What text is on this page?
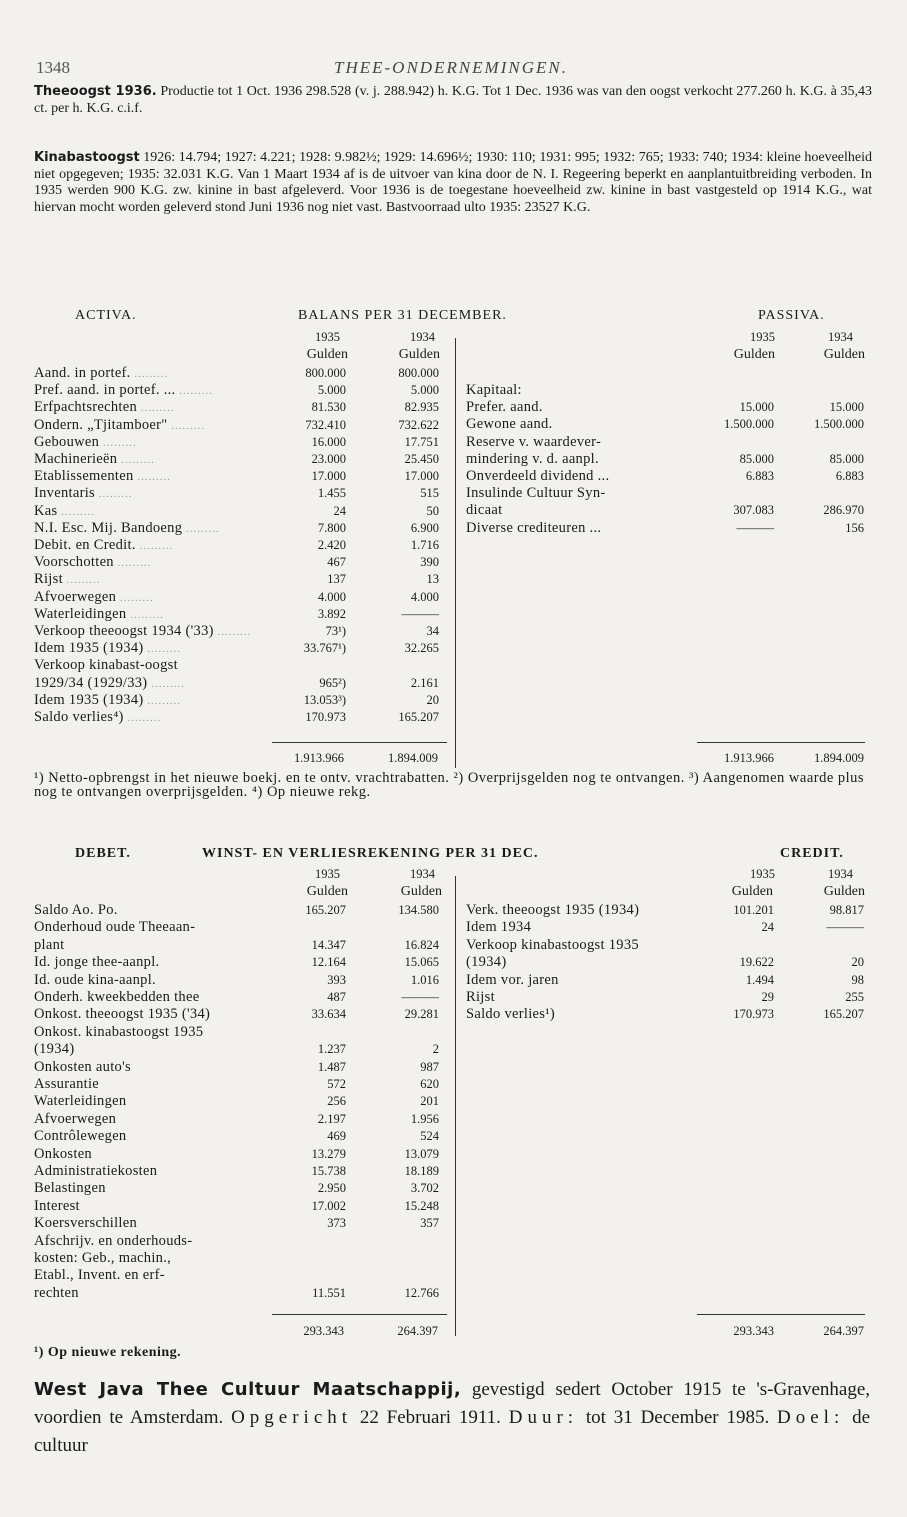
1348	THEE-ONDERNEMINGEN.

Theeoogst 1936. Productie tot 1 Oct. 1936 298.528 (v. j. 288.942) h. K.G. Tot 1 Dec. 1936 was van den oogst verkocht 277.260 h. K.G. à 35,43 ct. per h. K.G. c.i.f.

Kinabastoogst 1926: 14.794; 1927: 4.221; 1928: 9.982½; 1929: 14.696½; 1930: 110; 1931: 995; 1932: 765; 1933: 740; 1934: kleine hoeveelheid niet opgegeven; 1935: 32.031 K.G. Van 1 Maart 1934 af is de uitvoer van kina door de N. I. Regeering beperkt en aanplantuitbreiding verboden. In 1935 werden 900 K.G. zw. kinine in bast afgeleverd. Voor 1936 is de toegestane hoeveelheid zw. kinine in bast vastgesteld op 1914 K.G., wat hiervan mocht worden geleverd stond Juni 1936 nog niet vast. Bastvoorraad ulto 1935: 23527 K.G.

ACTIVA.	BALANS PER 31 DECEMBER.	PASSIVA.
1935	1934
Gulden	Gulden
1935	1934
Gulden	Gulden
Aand. in portef. .........	800.000	800.000
Pref. aand. in portef. ... .........	5.000	5.000
Erfpachtsrechten .........	81.530	82.935
Ondern. „Tjitamboer" .........	732.410	732.622
Gebouwen .........	16.000	17.751
Machinerieën .........	23.000	25.450
Etablissementen .........	17.000	17.000
Inventaris .........	1.455	515
Kas .........	24	50
N.I. Esc. Mij. Bandoeng .........	7.800	6.900
Debit. en Credit. .........	2.420	1.716
Voorschotten .........	467	390
Rijst .........	137	13
Afvoerwegen .........	4.000	4.000
Waterleidingen .........	3.892	———
Verkoop theeoogst 1934 ('33) .........	73¹)	34
Idem 1935 (1934) .........	33.767¹)	32.265
Verkoop kinabast-oogst
1929/34 (1929/33) .........	965²)	2.161
Idem 1935 (1934) .........	13.053³)	20
Saldo verlies⁴) .........	170.973	165.207
Kapitaal:
Prefer. aand.	15.000	15.000
Gewone aand.	1.500.000	1.500.000
Reserve v. waardever-
mindering v. d. aanpl.	85.000	85.000
Onverdeeld dividend ...	6.883	6.883
Insulinde Cultuur Syn-
dicaat	307.083	286.970
Diverse crediteuren ...	———	156
1.913.966	1.894.009	1.913.966	1.894.009
¹) Netto-opbrengst in het nieuwe boekj. en te ontv. vrachtrabatten. ²) Overprijsgelden nog te ontvangen. ³) Aangenomen waarde plus nog te ontvangen overprijsgelden. ⁴) Op nieuwe rekg.
DEBET.	WINST- EN VERLIESREKENING PER 31 DEC.	CREDIT.
1935	1934
Gulden	Gulden
1935	1934
Gulden	Gulden
Saldo Ao. Po.	165.207	134.580
Onderhoud oude Theeaan-
plant	14.347	16.824
Id. jonge thee-aanpl.	12.164	15.065
Id. oude kina-aanpl.	393	1.016
Onderh. kweekbedden thee	487	———
Onkost. theeoogst 1935 ('34)	33.634	29.281
Onkost. kinabastoogst 1935
(1934)	1.237	2
Onkosten auto's	1.487	987
Assurantie	572	620
Waterleidingen	256	201
Afvoerwegen	2.197	1.956
Contrôlewegen	469	524
Onkosten	13.279	13.079
Administratiekosten	15.738	18.189
Belastingen	2.950	3.702
Interest	17.002	15.248
Koersverschillen	373	357
Afschrijv. en onderhouds-
kosten: Geb., machin.,
Etabl., Invent. en erf-
rechten	11.551	12.766
Verk. theeoogst 1935 (1934)	101.201	98.817
Idem 1934	24	———
Verkoop kinabastoogst 1935
(1934)	19.622	20
Idem vor. jaren	1.494	98
Rijst	29	255
Saldo verlies¹)	170.973	165.207
293.343	264.397	293.343	264.397
¹) Op nieuwe rekening.

West Java Thee Cultuur Maatschappij, gevestigd sedert October 1915 te 's-Gravenhage, voordien te Amsterdam. Opgericht 22 Februari 1911. Duur: tot 31 December 1985. Doel: de cultuur
